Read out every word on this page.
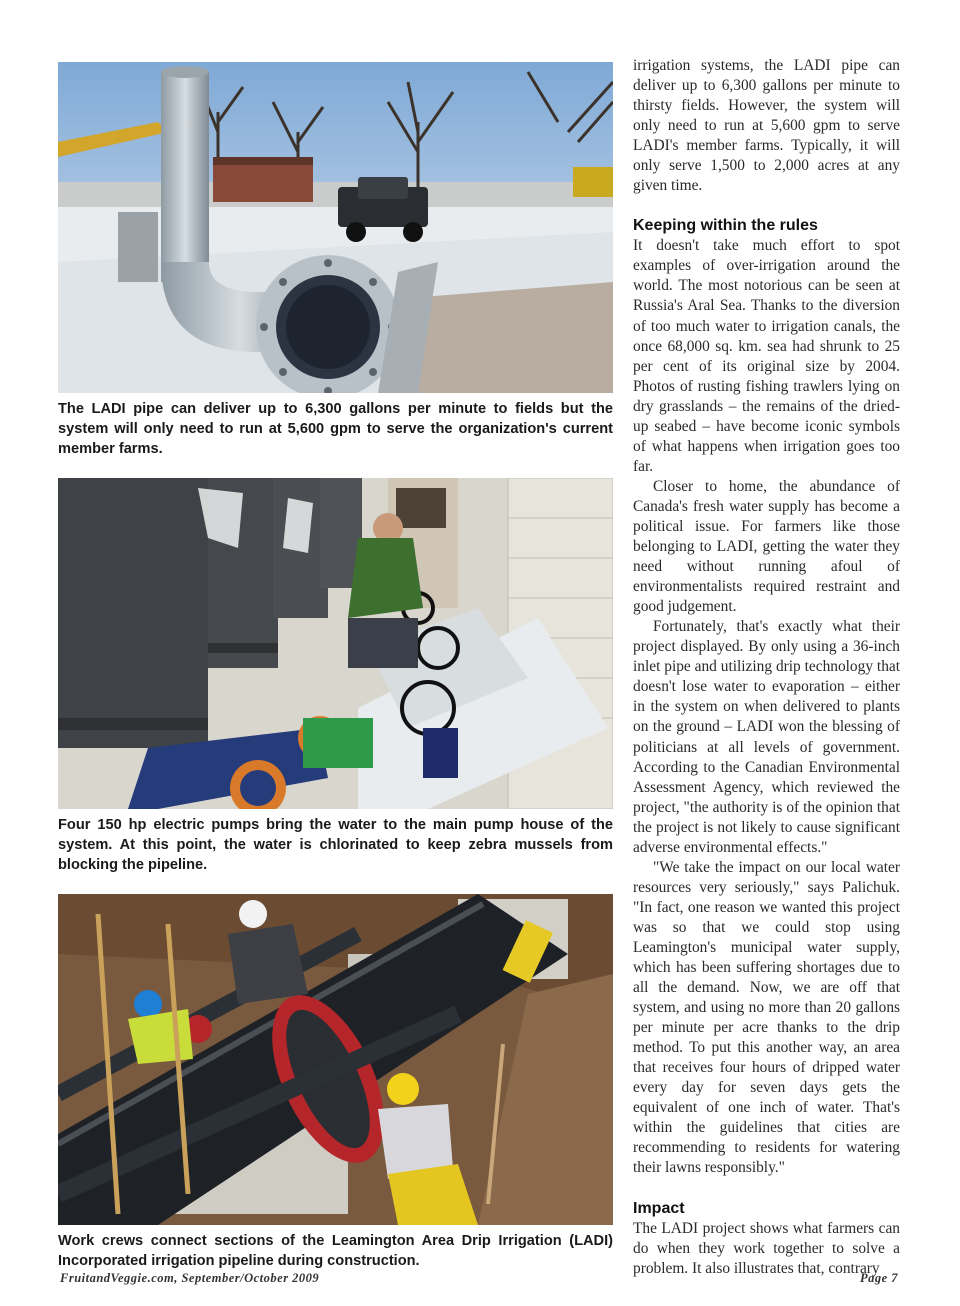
The LADI pipe can deliver up to 6,300 gallons per minute to fields but the system will only need to run at 5,600 gpm to serve the organization's current member farms.

Four 150 hp electric pumps bring the water to the main pump house of the system. At this point, the water is chlorinated to keep zebra mussels from blocking the pipeline.

Work crews connect sections of the Leamington Area Drip Irrigation (LADI) Incorporated irrigation pipeline during construction.

irrigation systems, the LADI pipe can deliver up to 6,300 gallons per minute to thirsty fields. However, the system will only need to run at 5,600 gpm to serve LADI's member farms. Typically, it will only serve 1,500 to 2,000 acres at any given time.

Keeping within the rules

It doesn't take much effort to spot examples of over-irrigation around the world. The most notorious can be seen at Russia's Aral Sea. Thanks to the diversion of too much water to irrigation canals, the once 68,000 sq. km. sea had shrunk to 25 per cent of its original size by 2004. Photos of rusting fishing trawlers lying on dry grasslands – the remains of the dried-up seabed – have become iconic symbols of what happens when irrigation goes too far.

Closer to home, the abundance of Canada's fresh water supply has become a political issue. For farmers like those belonging to LADI, getting the water they need without running afoul of environmentalists required restraint and good judgement.

Fortunately, that's exactly what their project displayed. By only using a 36-inch inlet pipe and utilizing drip technology that doesn't lose water to evaporation – either in the system on when delivered to plants on the ground – LADI won the blessing of politicians at all levels of government. According to the Canadian Environmental Assessment Agency, which reviewed the project, "the authority is of the opinion that the project is not likely to cause significant adverse environmental effects."

"We take the impact on our local water resources very seriously," says Palichuk. "In fact, one reason we wanted this project was so that we could stop using Leamington's municipal water supply, which has been suffering shortages due to all the demand. Now, we are off that system, and using no more than 20 gallons per minute per acre thanks to the drip method. To put this another way, an area that receives four hours of dripped water every day for seven days gets the equivalent of one inch of water. That's within the guidelines that cities are recommending to residents for watering their lawns responsibly."

Impact

The LADI project shows what farmers can do when they work together to solve a problem. It also illustrates that, contrary

FruitandVeggie.com, September/October 2009	Page 7
